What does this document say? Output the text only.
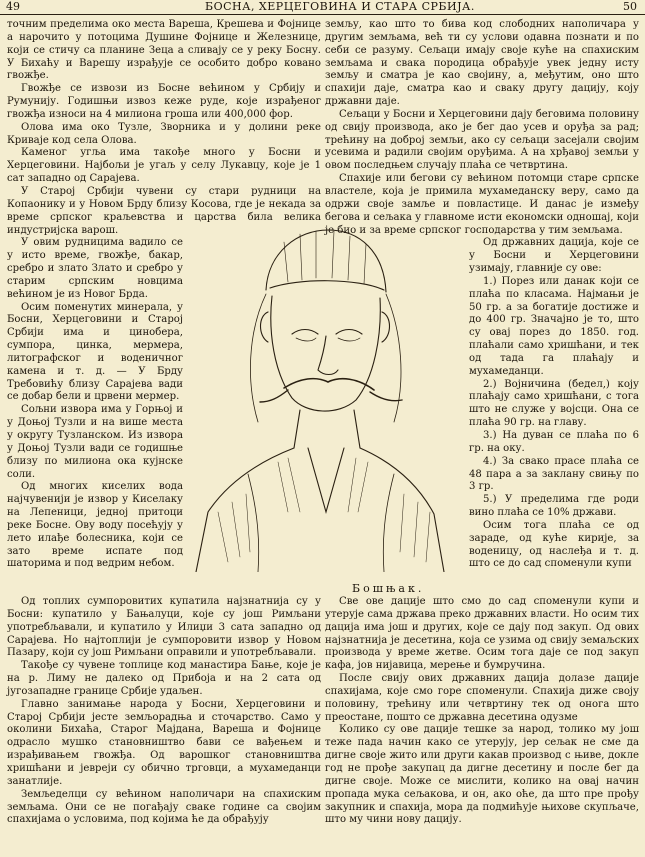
49	БОСНА, ХЕРЦЕГОВИНА И СТАРА СРБИЈА.	50

точним пределима око места Вареша, Крешева и Фојнице а нарочито у потоцима Душине Фојнице и Железнице, који се стичу са планине Зеца а сливају се у реку Босну. У Бихаћу и Варешу израђује се особито добро ковано гвожђе.

Гвожђе се извози из Босне већином у Србију и Румунију. Годишњи извоз кеже руде, које израђеног гвожђа износи на 4 милиона гроша или 400,000 фор.

Олова има око Тузле, Зворника и у долини реке Кривaје код села Олова.

Каменог угља има такође много у Босни и Херцеговини. Најбољи је угаљ у селу Лукавцу, које је 1 сат западно од Сарајева.

У Старој Србији чувени су стари рудници на Копаонику и у Новом Брду близу Косова, где је некада за време српског краљевства и царства била велика индустријска варош.

У овим рудницима вадило се у исто време, гвожђе, бакар, сребро и злато Злато и сребро у старим српским новцима већином је из Новог Брда.

Осим поменутих минерала, у Босни, Херцеговини и Старој Србији има и цинобера, сумпора, цинка, мермера, литографског и воденичног камена и т. д. — У Брду Требовићу близу Сарајева вади се добар бели и црвени мермер.

Сољни извора има у Горњој и у Доњој Тузли и на више места у округу Тузланском. Из извора у Доњој Тузли вади се годишње близу по милиона ока кујнске соли.

Од многих киселих вода најчувенији је извор у Киселаку на Лепеници, једној притоци реке Босне. Ову воду посећују у лето илађе болесника, који се зато време испате под шаторима и под ведрим небом.

земљу, као што то бива код слободних наполичара у другим земљама, већ ти су услови одавна познати и по себи се разуму. Сељаци имају своје куће на спахиским земљама и свака породица обрађује увек једну исту земљу и сматра је као својину, а, међутим, оно што спахији даје, сматра као и сваку другу дацију, коју државни даје.

Сељаци у Босни и Херцеговини дају беговима половину од свију производа, ако је бег дао усев и оруђа за рад; трећину на доброј земљи, ако су сељаци засејали својим усевима и радили својим оруђима. А на хрђавој земљи у овом последњем случају плаћа се четвртина.

Спахије или бегови су већином потомци старе српске властеле, која је примила мухамеданску веру, само да одржи своје замље и повластице. И данас је између бегова и сељака у главноме исти економски однoшај, који је био и за време српског господарства у тим земљама.

Од државних дација, које се у Босни и Херцеговини узимају, главније су ове:

1.) Порез или данак који се плаћа по класама. Најмањи је 50 гр. а за богатије достиже и до 400 гр. Значајно је то, што су овај порез до 1850. год. плаћали само хришћани, и тек од тада га плаћају и мухамеданци.

2.) Војничина (бедел,) коју плаћају само хришћани, с тога што не служе у војсци. Она се плаћа 90 гр. на главу.

3.) На дуван се плаћа по 6 гр. на оку.

4.) За свако прасе плаћа се 48 пара а за заклану свињу по 3 гр.

5.) У пределима где роди вино плаћа се 10% држави.

Осим тога плаћа се од зараде, од куће кирије, за воденицу, од наслеђа и т. д. што се до сад споменули купи

Бошњак.

Од топлих сумпоровитих купатила најзнатнија су у Босни: купатило у Бањалуци, које су још Римљани употребљавали, и купатило у Илиџи 3 сата западно од Сарајева. Но најтоплији је сумпоровити извор у Новом Пазару, који су још Римљани оправили и употребљавали.

Такође су чувене топлице код манастира Бање, које је на р. Лиму не далеко од Прибоја и на 2 сата од југозападне границе Србије удаљен.

Главно занимање народа у Босни, Херцеговини и Старој Србији јесте земљорадња и сточарство. Само у околини Бихаћа, Старог Мајдана, Вареша и Фојнице одрасло мушко становништво бави се вађењем и израђивањем гвожђа. Од варошког становништва хришћани и јевреји су обично трговци, а мухамеданци занатлије.

Земљеделци су већином наполичари на спахиским земљама. Они се не погађају сваке године са својим спахијама о условима, под којима ће да обрађују

Све ове дације што смо до сад споменули купи и утерује сама држава преко државних власти. Но осим тих дација има још и других, које се дају под закуп. Од ових најзнатнија је десетина, која се узима од свију земаљских производа у време жетве. Осим тога даје се под закуп кафа, јов нијавица, мерење и бумручина.

После свију ових државних дација долазе дације спахијама, које смо горе споменули. Спахија диже своју половину, трећину или четвртину тек од онога што преостане, пошто се државна десетина одузме

Колико су ове дације тешке за народ, толико му још теже пада начин како се утерују, јер сељак не сме да дигне своје жито или други какав производ с њиве, докле год не прође закупац да дигне десетину и после бег да дигне своје. Може се мислити, колико на овај начин пропада мука сељакова, и он, ако оће, да што пре прођу закупник и спахија, мора да подмићује њихове скупљаче, што му чини нову дацију.
